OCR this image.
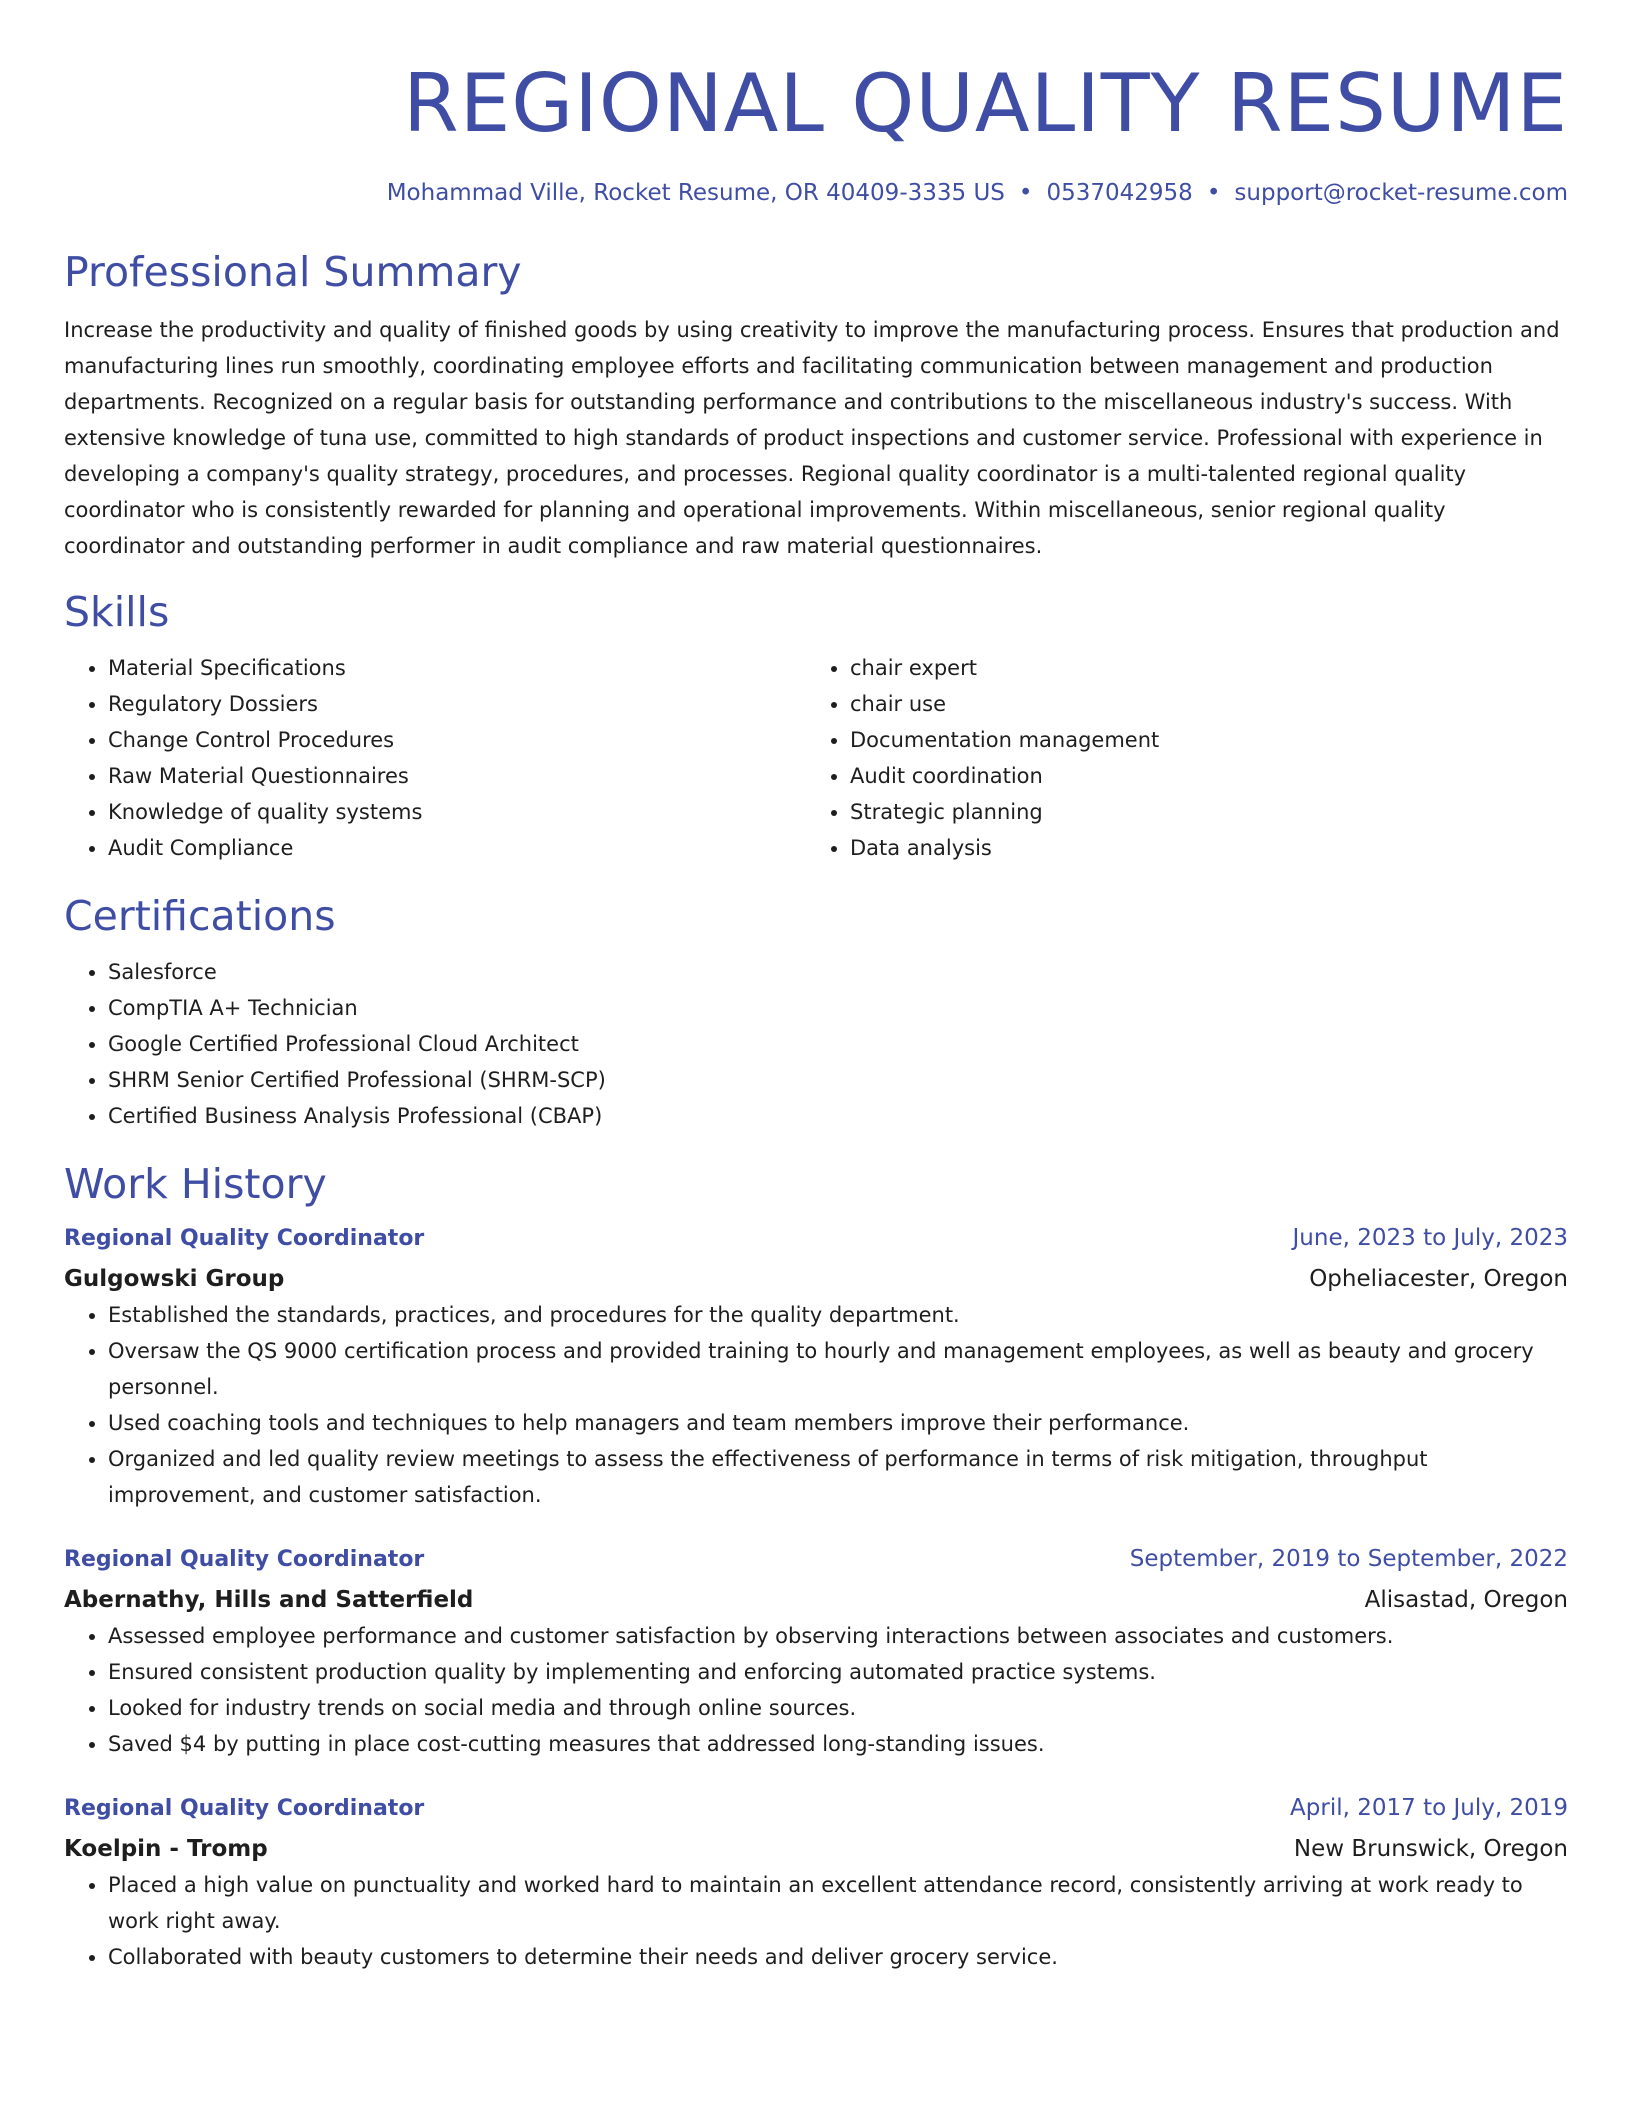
REGIONAL QUALITY RESUME
Mohammad Ville, Rocket Resume, OR 40409-3335 US • 0537042958 • support@rocket-resume.com
Professional Summary

Increase the productivity and quality of finished goods by using creativity to improve the manufacturing process. Ensures that production and manufacturing lines run smoothly, coordinating employee efforts and facilitating communication between management and production departments. Recognized on a regular basis for outstanding performance and contributions to the miscellaneous industry's success. With extensive knowledge of tuna use, committed to high standards of product inspections and customer service. Professional with experience in developing a company's quality strategy, procedures, and processes. Regional quality coordinator is a multi-talented regional quality coordinator who is consistently rewarded for planning and operational improvements. Within miscellaneous, senior regional quality coordinator and outstanding performer in audit compliance and raw material questionnaires.

Skills
• Material Specifications
• Regulatory Dossiers
• Change Control Procedures
• Raw Material Questionnaires
• Knowledge of quality systems
• Audit Compliance
• chair expert
• chair use
• Documentation management
• Audit coordination
• Strategic planning
• Data analysis
Certifications
• Salesforce
• CompTIA A+ Technician
• Google Certified Professional Cloud Architect
• SHRM Senior Certified Professional (SHRM-SCP)
• Certified Business Analysis Professional (CBAP)
Work History
Regional Quality Coordinator	June, 2023 to July, 2023
Gulgowski Group	Opheliacester, Oregon
• Established the standards, practices, and procedures for the quality department.
• Oversaw the QS 9000 certification process and provided training to hourly and management employees, as well as beauty and grocery personnel.
• Used coaching tools and techniques to help managers and team members improve their performance.
• Organized and led quality review meetings to assess the effectiveness of performance in terms of risk mitigation, throughput improvement, and customer satisfaction.
Regional Quality Coordinator	September, 2019 to September, 2022
Abernathy, Hills and Satterfield	Alisastad, Oregon
• Assessed employee performance and customer satisfaction by observing interactions between associates and customers.
• Ensured consistent production quality by implementing and enforcing automated practice systems.
• Looked for industry trends on social media and through online sources.
• Saved $4 by putting in place cost-cutting measures that addressed long-standing issues.
Regional Quality Coordinator	April, 2017 to July, 2019
Koelpin - Tromp	New Brunswick, Oregon
• Placed a high value on punctuality and worked hard to maintain an excellent attendance record, consistently arriving at work ready to work right away.
• Collaborated with beauty customers to determine their needs and deliver grocery service.
